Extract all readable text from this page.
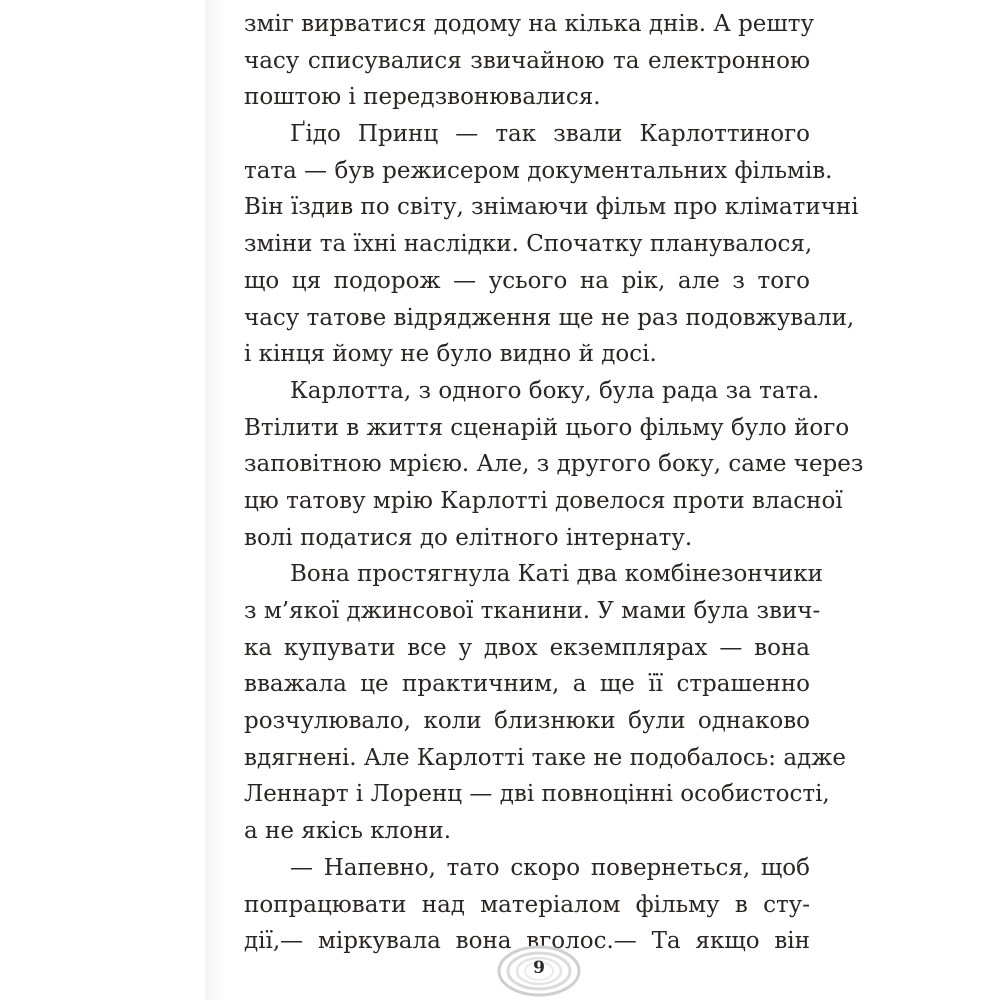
зміг вирватися додому на кілька днів. А решту
часу списувалися звичайною та електронною
поштою і передзвонювалися.
Ґідо Принц — так звали Карлоттиного
тата — був режисером документальних фільмів.
Він їздив по світу, знімаючи фільм про кліматичні
зміни та їхні наслідки. Спочатку планувалося,
що ця подорож — усього на рік, але з того
часу татове відрядження ще не раз подовжували,
і кінця йому не було видно й досі.
Карлотта, з одного боку, була рада за тата.
Втілити в життя сценарій цього фільму було його
заповітною мрією. Але, з другого боку, саме через
цю татову мрію Карлотті довелося проти власної
волі податися до елітного інтернату.
Вона простягнула Каті два комбінезончики
з м’якої джинсової тканини. У мами була звич-
ка купувати все у двох екземплярах — вона
вважала це практичним, а ще її страшенно
розчулювало, коли близнюки були однаково
вдягнені. Але Карлотті таке не подобалось: адже
Леннарт і Лоренц — дві повноцінні особистості,
а не якісь клони.
— Напевно, тато скоро повернеться, щоб
попрацювати над матеріалом фільму в сту-
дії,— міркувала вона вголос.— Та якщо він
9
